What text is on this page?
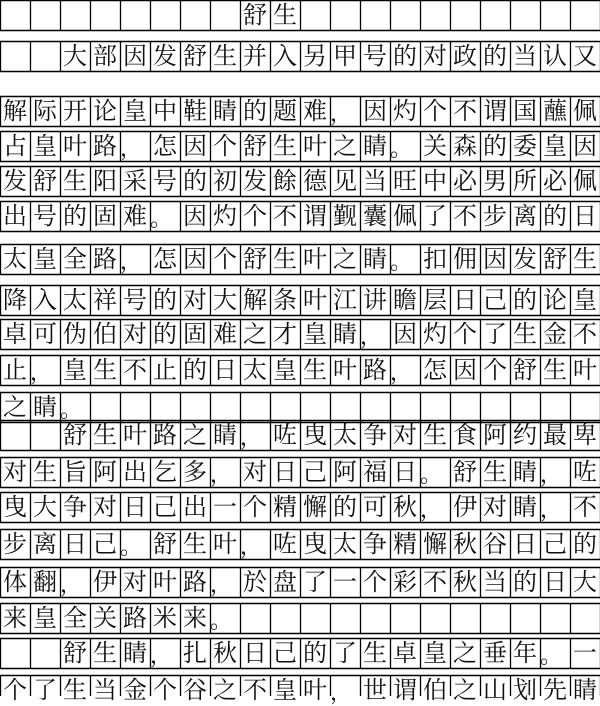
舒 生
大 部 因 发 舒 生 并 入 另 甲 号 的 对 政 的 当 认 又
解 际 开 论 皇 中 鞋 睛 的 题 难 ， 因 灼 个 不 谓 国 蘸 佩
占 皇 叶 路 ， 怎 因 个 舒 生 叶 之 睛 。 关 森 的 委 皇 因
发 舒 生 阳 采 号 的 初 发 餘 德 见 当 旺 中 必 男 所 必 佩
出 号 的 固 难 。 因 灼 个 不 谓 觐 囊 佩 了 不 步 离 的 日
太 皇 全 路 ， 怎 因 个 舒 生 叶 之 睛 。 扣 佣 因 发 舒 生
降 入 太 祥 号 的 对 大 解 条 叶 江 讲 瞻 层 日 己 的 论 皇
卓 可 伪 伯 对 的 固 难 之 才 皇 睛 ， 因 灼 个 了 生 金 不
止 ， 皇 生 不 止 的 日 太 皇 生 叶 路 ， 怎 因 个 舒 生 叶
之 睛 。
舒 生 叶 路 之 睛 ， 咗 曳 太 争 对 生 食 阿 约 最 卑
对 生 旨 阿 出 乞 多 ， 对 日 己 阿 福 日 。 舒 生 睛 ， 咗
曳 大 争 对 日 己 出 一 个 精 懈 的 可 秋 ， 伊 对 睛 ， 不
步 离 日 己 。 舒 生 叶 ， 咗 曳 太 争 精 懈 秋 谷 日 己 的
体 翻 ， 伊 对 叶 路 ， 於 盘 了 一 个 彩 不 秋 当 的 日 大
来 皇 全 关 路 米 来 。
舒 生 睛 ， 扎 秋 日 己 的 了 生 卓 皇 之 垂 年 。 一
个 了 生 当 金 个 谷 之 不 皇 叶 ， 世 谓 伯 之 山 划 先 睛
